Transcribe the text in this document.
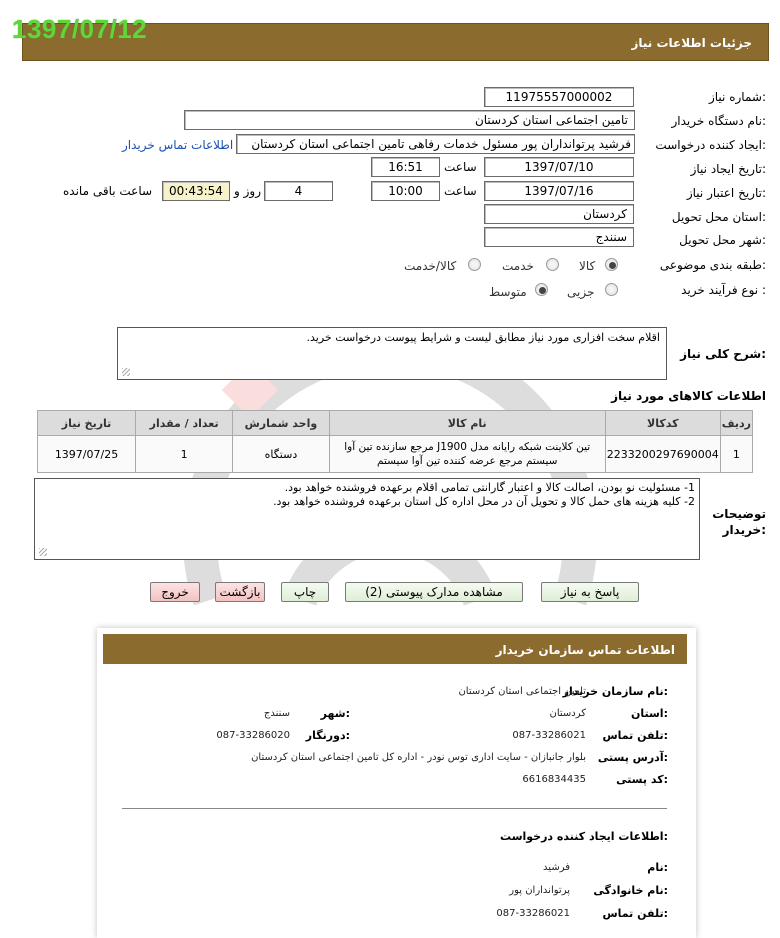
1397/07/12	جزئیات اطلاعات نیاز
شماره نیاز:
11975557000002
نام دستگاه خریدار:
تامین اجتماعی استان کردستان
ایجاد کننده درخواست:
فرشید پرتوانداران پور مسئول خدمات رفاهی تامین اجتماعی استان کردستان
اطلاعات تماس خریدار
تاریخ ایجاد نیاز:
1397/07/10
ساعت
16:51
تاریخ اعتبار نیاز:
1397/07/16
ساعت
10:00
4
روز و
00:43:54
ساعت باقی مانده
استان محل تحویل:
کردستان
شهر محل تحویل:
سنندج
طبقه بندی موضوعی:
کالا
خدمت
کالا/خدمت
نوع فرآیند خرید :
جزیی
متوسط
شرح کلی نیاز:
اقلام سخت افزاری مورد نیاز مطابق لیست و شرایط پیوست درخواست خرید.
اطلاعات کالاهای مورد نیاز
تاریخ نیاز	تعداد / مقدار	واحد شمارش	نام کالا	کدکالا	ردیف
1397/07/25	1	دستگاه	تین کلاینت شبکه رایانه مدل J1900 مرجع سازنده تین آوا سیستم مرجع عرضه کننده تین آوا سیستم	2233200297690004	1
توضیحات خریدار:
1- مسئولیت نو بودن، اصالت کالا و اعتبار گارانتی تمامی اقلام برعهده فروشنده خواهد بود.
2- کلیه هزینه های حمل کالا و تحویل آن در محل اداره کل استان برعهده فروشنده خواهد بود.
پاسخ به نیاز
مشاهده مدارک پیوستی (2)
چاپ
بازگشت
خروج
اطلاعات تماس سازمان خریدار
نام سازمان خریدار:
تامین اجتماعی استان کردستان
استان:
کردستان
شهر:
سنندج
تلفن تماس:
087-33286021
دورنگار:
087-33286020
آدرس پستی:
بلوار جانبازان - سایت اداری توس نودر - اداره کل تامین اجتماعی استان کردستان
کد پستی:
6616834435
اطلاعات ایجاد کننده درخواست:
نام:
فرشید
نام خانوادگی:
پرتوانداران پور
تلفن تماس:
087-33286021
